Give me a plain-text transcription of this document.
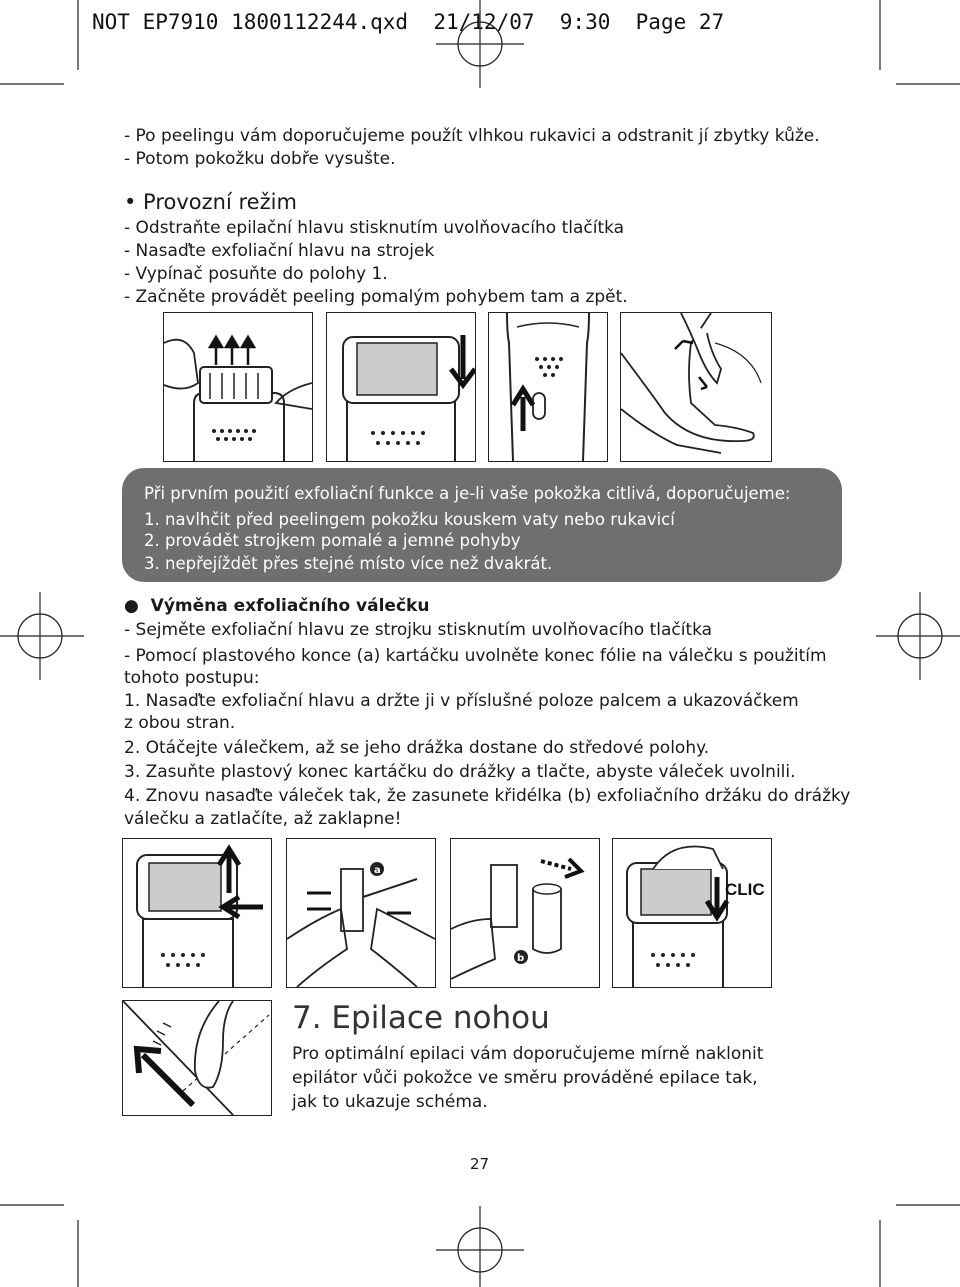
NOT EP7910 1800112244.qxd  21/12/07  9:30  Page 27
- Po peelingu vám doporučujeme použít vlhkou rukavici a odstranit jí zbytky kůže.
- Potom pokožku dobře vysušte.
• Provozní režim
- Odstraňte epilační hlavu stisknutím uvolňovacího tlačítka
- Nasaďte exfoliační hlavu na strojek
- Vypínač posuňte do polohy 1.
- Začněte provádět peeling pomalým pohybem tam a zpět.
Při prvním použití exfoliační funkce a je-li vaše pokožka citlivá, doporučujeme:
1. navlhčit před peelingem pokožku kouskem vaty nebo rukavicí
2. provádět strojkem pomalé a jemné pohyby
3. nepřejíždět přes stejné místo více než dvakrát.
●  Výměna exfoliačního válečku
- Sejměte exfoliační hlavu ze strojku stisknutím uvolňovacího tlačítka
- Pomocí plastového konce (a) kartáčku uvolněte konec fólie na válečku s použitím
tohoto postupu:
1. Nasaďte exfoliační hlavu a držte ji v příslušné poloze palcem a ukazováčkem
z obou stran.
2. Otáčejte válečkem, až se jeho drážka dostane do středové polohy.
3. Zasuňte plastový konec kartáčku do drážky a tlačte, abyste váleček uvolnili.
4. Znovu nasaďte váleček tak, že zasunete křidélka (b) exfoliačního držáku do drážky
válečku a zatlačíte, až zaklapne!
a
b
CLIC
7. Epilace nohou
Pro optimální epilaci vám doporučujeme mírně naklonit
epilátor vůči pokožce ve směru prováděné epilace tak,
jak to ukazuje schéma.
27
